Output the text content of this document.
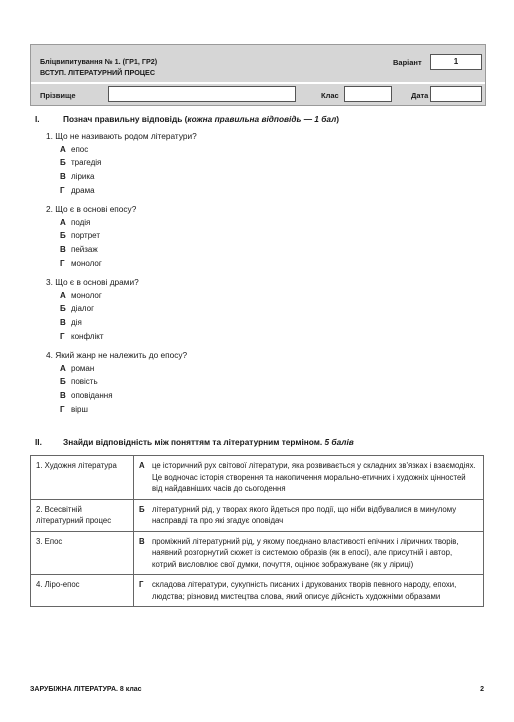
Бліцвипитування № 1. (ГР1, ГР2)
ВСТУП. ЛІТЕРАТУРНИЙ ПРОЦЕС
Варіант	1
Прізвище	Клас	Дата
I.	Познач правильну відповідь (кожна правильна відповідь — 1 бал)
1. Що не називають родом літератури?
А епос
Б трагедія
В лірика
Г драма
2. Що є в основі епосу?
А подія
Б портрет
В пейзаж
Г монолог
3. Що є в основі драми?
А монолог
Б діалог
В дія
Г конфлікт
4. Який жанр не належить до епосу?
А роман
Б повість
В оповідання
Г вірш
II.	Знайди відповідність між поняттям та літературним терміном. 5 балів
1. Художня література	А	це історичний рух світової літератури, яка розвивається у складних зв'язках і взаємодіях. Це водночас історія створення та накопичення морально-етичних і художніх цінностей від найдавніших часів до сьогодення
2. Всесвітній літературний процес	Б	літературний рід, у творах якого йдеться про події, що ніби відбувалися в минулому насправді та про які згадує оповідач
3. Епос	В	проміжний літературний рід, у якому поєднано властивості епічних і ліричних творів, наявний розгорнутий сюжет із системою образів (як в епосі), але присутній і автор, котрий висловлює свої думки, почуття, оцінює зображуване (як у ліриці)
4. Ліро-епос	Г	складова літератури, сукупність писаних і друкованих творів певного народу, епохи, людства; різновид мистецтва слова, який описує дійсність художніми образами
ЗАРУБІЖНА ЛІТЕРАТУРА. 8 клас	2
